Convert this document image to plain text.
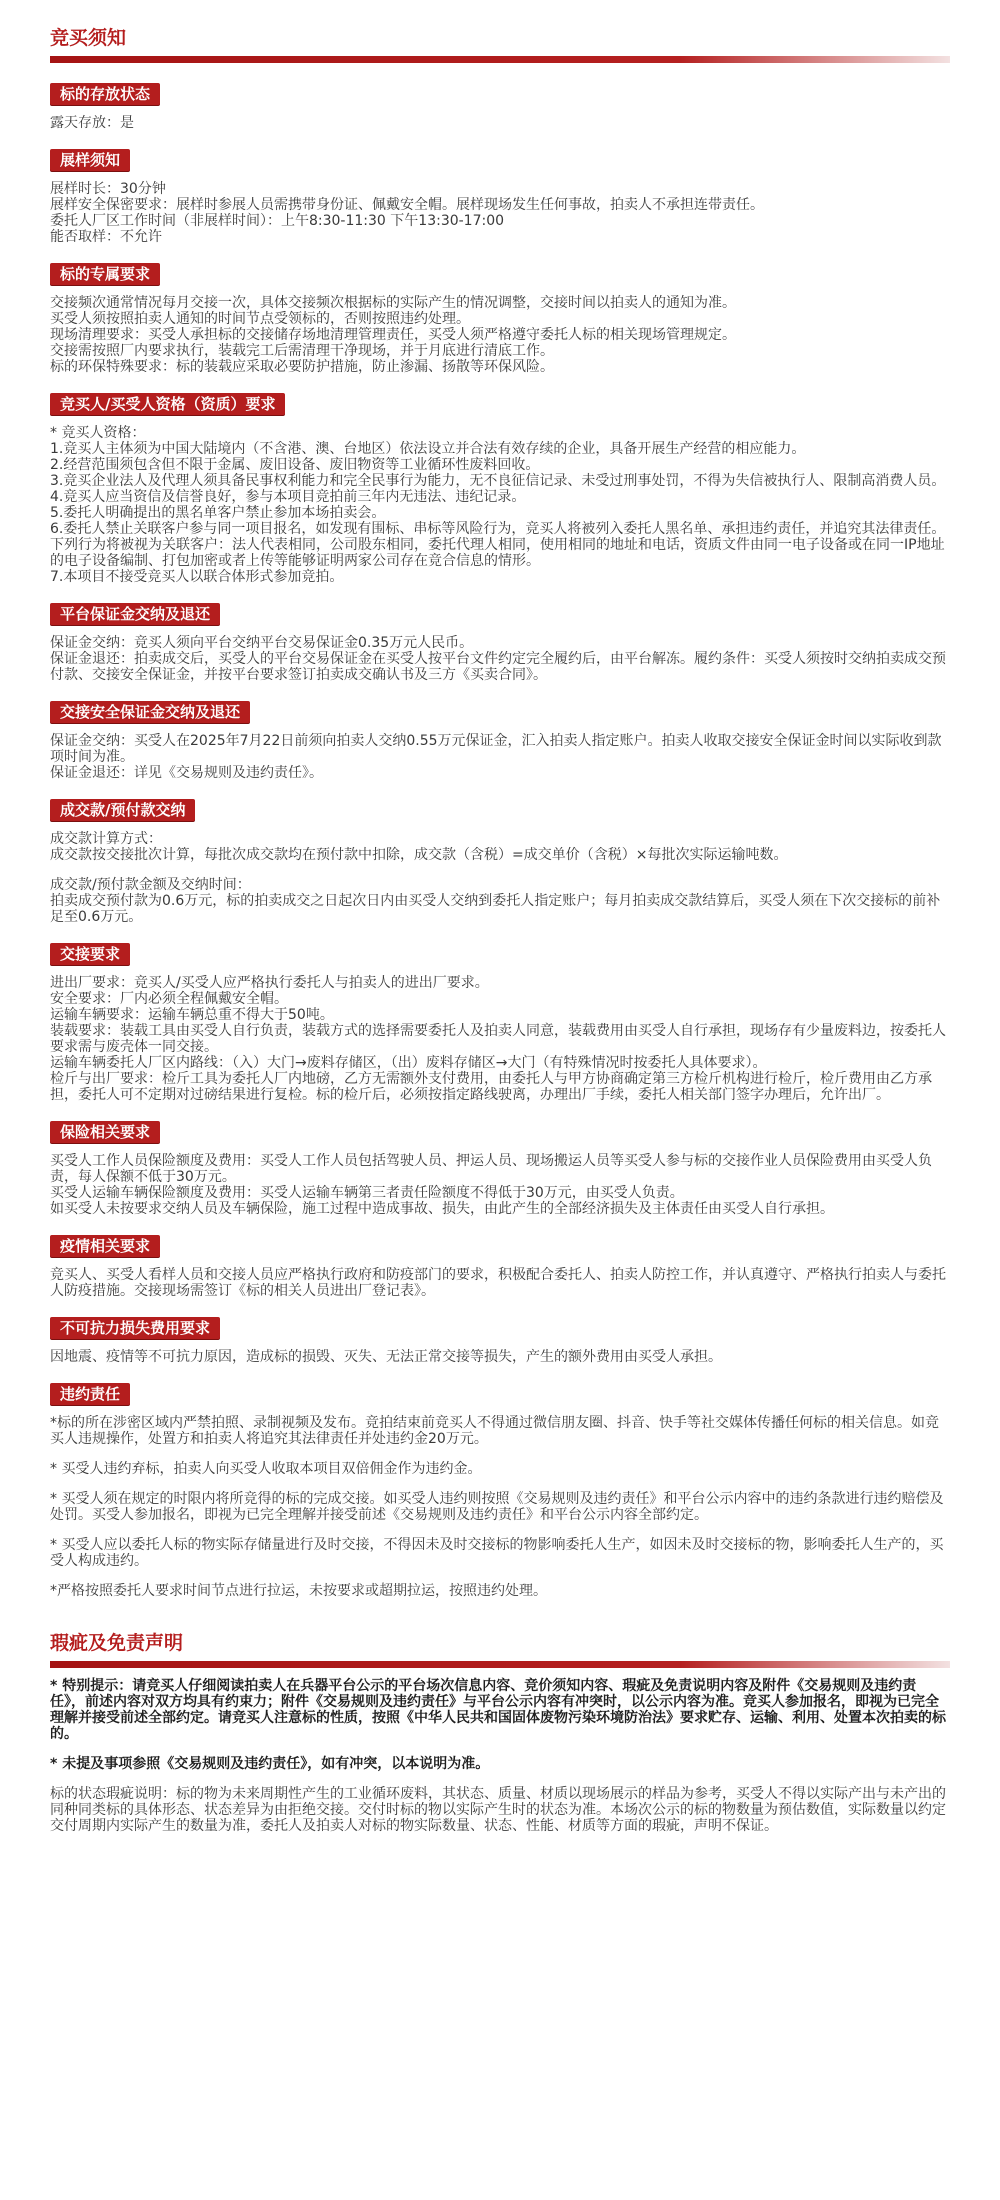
竞买须知
标的存放状态
露天存放：是
展样须知
展样时长：30分钟
展样安全保密要求：展样时参展人员需携带身份证、佩戴安全帽。展样现场发生任何事故，拍卖人不承担连带责任。
委托人厂区工作时间（非展样时间）：上午8:30-11:30 下午13:30-17:00
能否取样：不允许
标的专属要求
交接频次通常情况每月交接一次，具体交接频次根据标的实际产生的情况调整，交接时间以拍卖人的通知为准。
买受人须按照拍卖人通知的时间节点受领标的，否则按照违约处理。
现场清理要求：买受人承担标的交接储存场地清理管理责任，买受人须严格遵守委托人标的相关现场管理规定。
交接需按照厂内要求执行，装载完工后需清理干净现场，并于月底进行清底工作。
标的环保特殊要求：标的装载应采取必要防护措施，防止渗漏、扬散等环保风险。
竞买人/买受人资格（资质）要求
* 竞买人资格：
1.竞买人主体须为中国大陆境内（不含港、澳、台地区）依法设立并合法有效存续的企业，具备开展生产经营的相应能力。
2.经营范围须包含但不限于金属、废旧设备、废旧物资等工业循环性废料回收。
3.竞买企业法人及代理人须具备民事权利能力和完全民事行为能力，无不良征信记录、未受过刑事处罚，不得为失信被执行人、限制高消费人员。
4.竞买人应当资信及信誉良好，参与本项目竞拍前三年内无违法、违纪记录。
5.委托人明确提出的黑名单客户禁止参加本场拍卖会。
6.委托人禁止关联客户参与同一项目报名，如发现有围标、串标等风险行为，竞买人将被列入委托人黑名单、承担违约责任，并追究其法律责任。下列行为将被视为关联客户：法人代表相同，公司股东相同，委托代理人相同，使用相同的地址和电话，资质文件由同一电子设备或在同一IP地址的电子设备编制、打包加密或者上传等能够证明两家公司存在竞合信息的情形。
7.本项目不接受竞买人以联合体形式参加竞拍。
平台保证金交纳及退还
保证金交纳：竞买人须向平台交纳平台交易保证金0.35万元人民币。
保证金退还：拍卖成交后，买受人的平台交易保证金在买受人按平台文件约定完全履约后，由平台解冻。履约条件：买受人须按时交纳拍卖成交预付款、交接安全保证金，并按平台要求签订拍卖成交确认书及三方《买卖合同》。
交接安全保证金交纳及退还
保证金交纳：买受人在2025年7月22日前须向拍卖人交纳0.55万元保证金，汇入拍卖人指定账户。拍卖人收取交接安全保证金时间以实际收到款项时间为准。
保证金退还：详见《交易规则及违约责任》。
成交款/预付款交纳
成交款计算方式：
成交款按交接批次计算，每批次成交款均在预付款中扣除，成交款（含税）=成交单价（含税）×每批次实际运输吨数。
成交款/预付款金额及交纳时间：
拍卖成交预付款为0.6万元，标的拍卖成交之日起次日内由买受人交纳到委托人指定账户；每月拍卖成交款结算后，买受人须在下次交接标的前补足至0.6万元。
交接要求
进出厂要求：竞买人/买受人应严格执行委托人与拍卖人的进出厂要求。
安全要求：厂内必须全程佩戴安全帽。
运输车辆要求：运输车辆总重不得大于50吨。
装载要求：装载工具由买受人自行负责，装载方式的选择需要委托人及拍卖人同意，装载费用由买受人自行承担，现场存有少量废料边，按委托人要求需与废壳体一同交接。
运输车辆委托人厂区内路线：（入）大门→废料存储区，（出）废料存储区→大门（有特殊情况时按委托人具体要求）。
检斤与出厂要求：检斤工具为委托人厂内地磅，乙方无需额外支付费用，由委托人与甲方协商确定第三方检斤机构进行检斤，检斤费用由乙方承担，委托人可不定期对过磅结果进行复检。标的检斤后，必须按指定路线驶离，办理出厂手续，委托人相关部门签字办理后，允许出厂。
保险相关要求
买受人工作人员保险额度及费用：买受人工作人员包括驾驶人员、押运人员、现场搬运人员等买受人参与标的交接作业人员保险费用由买受人负责，每人保额不低于30万元。
买受人运输车辆保险额度及费用：买受人运输车辆第三者责任险额度不得低于30万元，由买受人负责。
如买受人未按要求交纳人员及车辆保险，施工过程中造成事故、损失，由此产生的全部经济损失及主体责任由买受人自行承担。
疫情相关要求
竞买人、买受人看样人员和交接人员应严格执行政府和防疫部门的要求，积极配合委托人、拍卖人防控工作，并认真遵守、严格执行拍卖人与委托人防疫措施。交接现场需签订《标的相关人员进出厂登记表》。
不可抗力损失费用要求
因地震、疫情等不可抗力原因，造成标的损毁、灭失、无法正常交接等损失，产生的额外费用由买受人承担。
违约责任
*标的所在涉密区域内严禁拍照、录制视频及发布。竞拍结束前竞买人不得通过微信朋友圈、抖音、快手等社交媒体传播任何标的相关信息。如竞买人违规操作，处置方和拍卖人将追究其法律责任并处违约金20万元。
* 买受人违约弃标，拍卖人向买受人收取本项目双倍佣金作为违约金。
* 买受人须在规定的时限内将所竞得的标的完成交接。如买受人违约则按照《交易规则及违约责任》和平台公示内容中的违约条款进行违约赔偿及处罚。买受人参加报名，即视为已完全理解并接受前述《交易规则及违约责任》和平台公示内容全部约定。
* 买受人应以委托人标的物实际存储量进行及时交接，不得因未及时交接标的物影响委托人生产，如因未及时交接标的物，影响委托人生产的，买受人构成违约。
*严格按照委托人要求时间节点进行拉运，未按要求或超期拉运，按照违约处理。
瑕疵及免责声明
* 特别提示：请竞买人仔细阅读拍卖人在兵器平台公示的平台场次信息内容、竞价须知内容、瑕疵及免责说明内容及附件《交易规则及违约责任》，前述内容对双方均具有约束力；附件《交易规则及违约责任》与平台公示内容有冲突时，以公示内容为准。竞买人参加报名，即视为已完全理解并接受前述全部约定。请竞买人注意标的性质，按照《中华人民共和国固体废物污染环境防治法》要求贮存、运输、利用、处置本次拍卖的标的。
* 未提及事项参照《交易规则及违约责任》，如有冲突，以本说明为准。
标的状态瑕疵说明：标的物为未来周期性产生的工业循环废料，其状态、质量、材质以现场展示的样品为参考，买受人不得以实际产出与未产出的同种同类标的具体形态、状态差异为由拒绝交接。交付时标的物以实际产生时的状态为准。本场次公示的标的物数量为预估数值，实际数量以约定交付周期内实际产生的数量为准，委托人及拍卖人对标的物实际数量、状态、性能、材质等方面的瑕疵，声明不保证。
